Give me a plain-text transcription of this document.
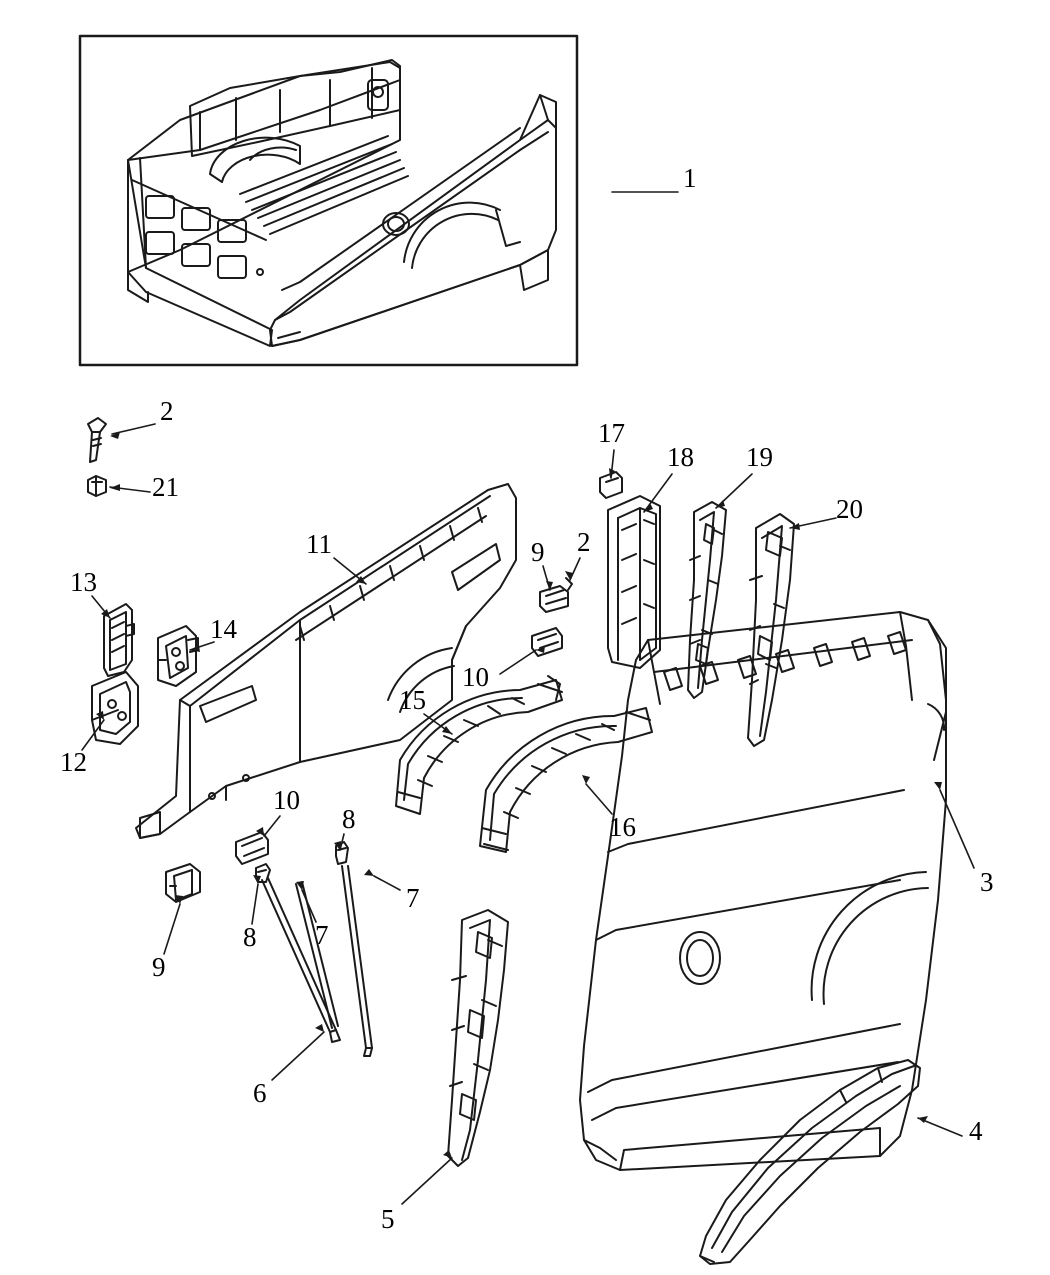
1
2
21
17
18 19
20
11	9 2
13
14
10
12
15
16
3
10
8
7
8 7
9
6
5
4
